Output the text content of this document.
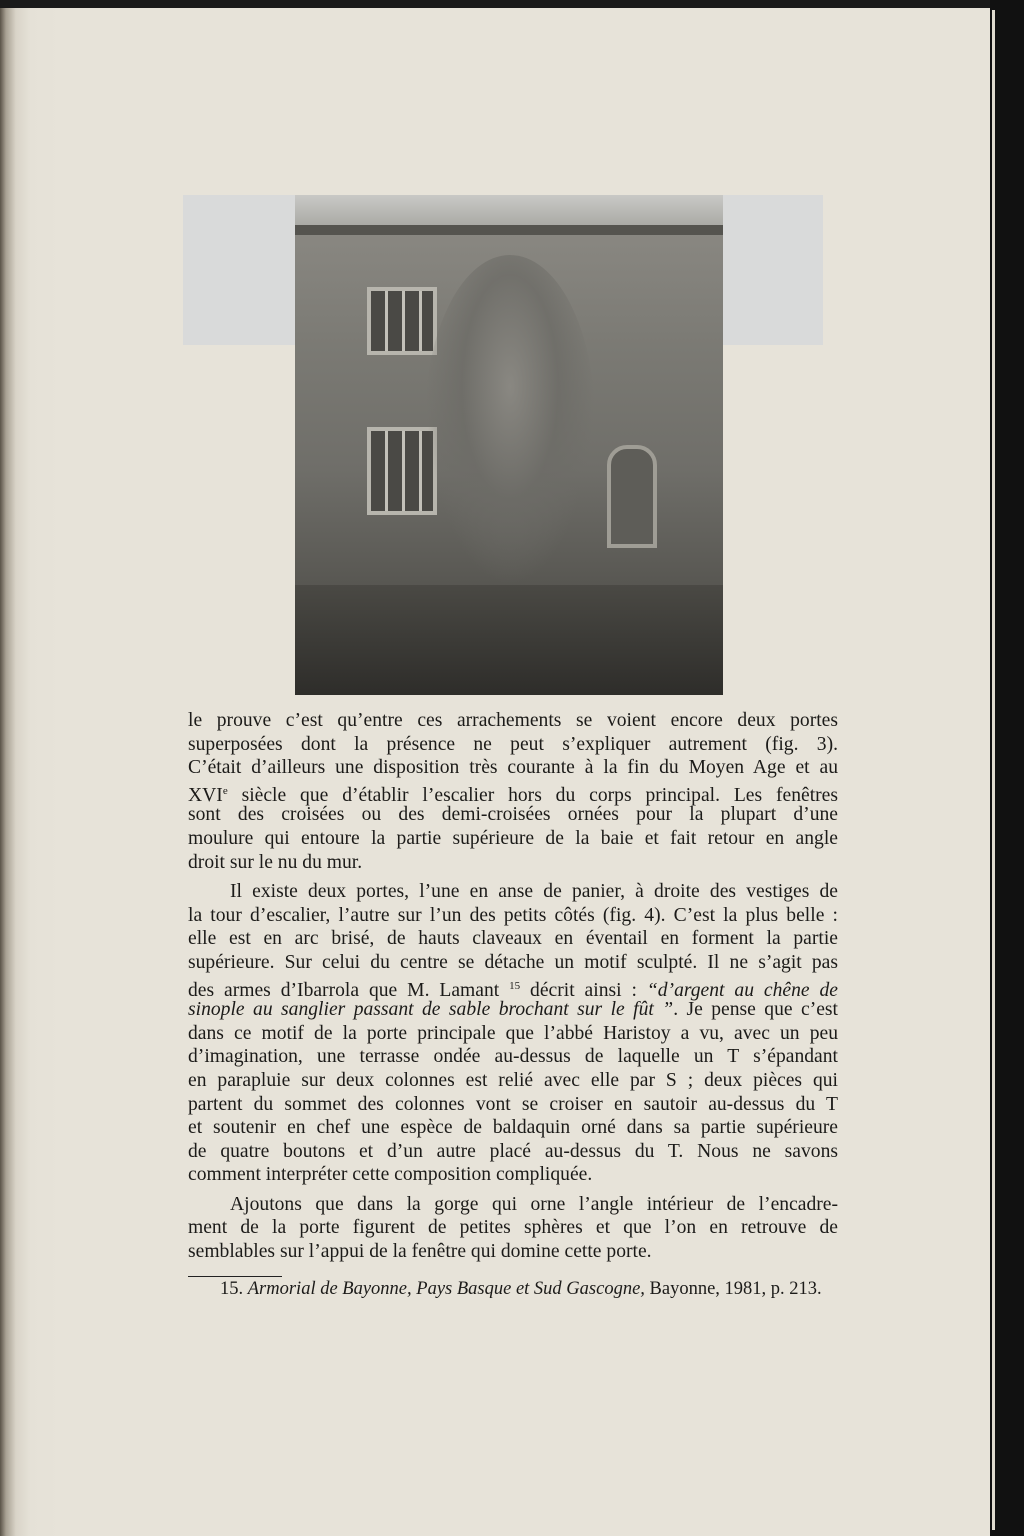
le prouve c’est qu’entre ces arrachements se voient encore deux portes
superposées dont la présence ne peut s’expliquer autrement (fig. 3).
C’était d’ailleurs une disposition très courante à la fin du Moyen Age et au
XVIe siècle que d’établir l’escalier hors du corps principal. Les fenêtres
sont des croisées ou des demi-croisées ornées pour la plupart d’une
moulure qui entoure la partie supérieure de la baie et fait retour en angle
droit sur le nu du mur.
Il existe deux portes, l’une en anse de panier, à droite des vestiges de
la tour d’escalier, l’autre sur l’un des petits côtés (fig. 4). C’est la plus belle :
elle est en arc brisé, de hauts claveaux en éventail en forment la partie
supérieure. Sur celui du centre se détache un motif sculpté. Il ne s’agit pas
des armes d’Ibarrola que M. Lamant $^{15}$ décrit ainsi : “d’argent au chêne de
sinople au sanglier passant de sable brochant sur le fût ”. Je pense que c’est
dans ce motif de la porte principale que l’abbé Haristoy a vu, avec un peu
d’imagination, une terrasse ondée au-dessus de laquelle un T s’épandant
en parapluie sur deux colonnes est relié avec elle par S ; deux pièces qui
partent du sommet des colonnes vont se croiser en sautoir au-dessus du T
et soutenir en chef une espèce de baldaquin orné dans sa partie supérieure
de quatre boutons et d’un autre placé au-dessus du T. Nous ne savons
comment interpréter cette composition compliquée.
Ajoutons que dans la gorge qui orne l’angle intérieur de l’encadre-
ment de la porte figurent de petites sphères et que l’on en retrouve de
semblables sur l’appui de la fenêtre qui domine cette porte.
15. Armorial de Bayonne, Pays Basque et Sud Gascogne, Bayonne, 1981, p. 213.
